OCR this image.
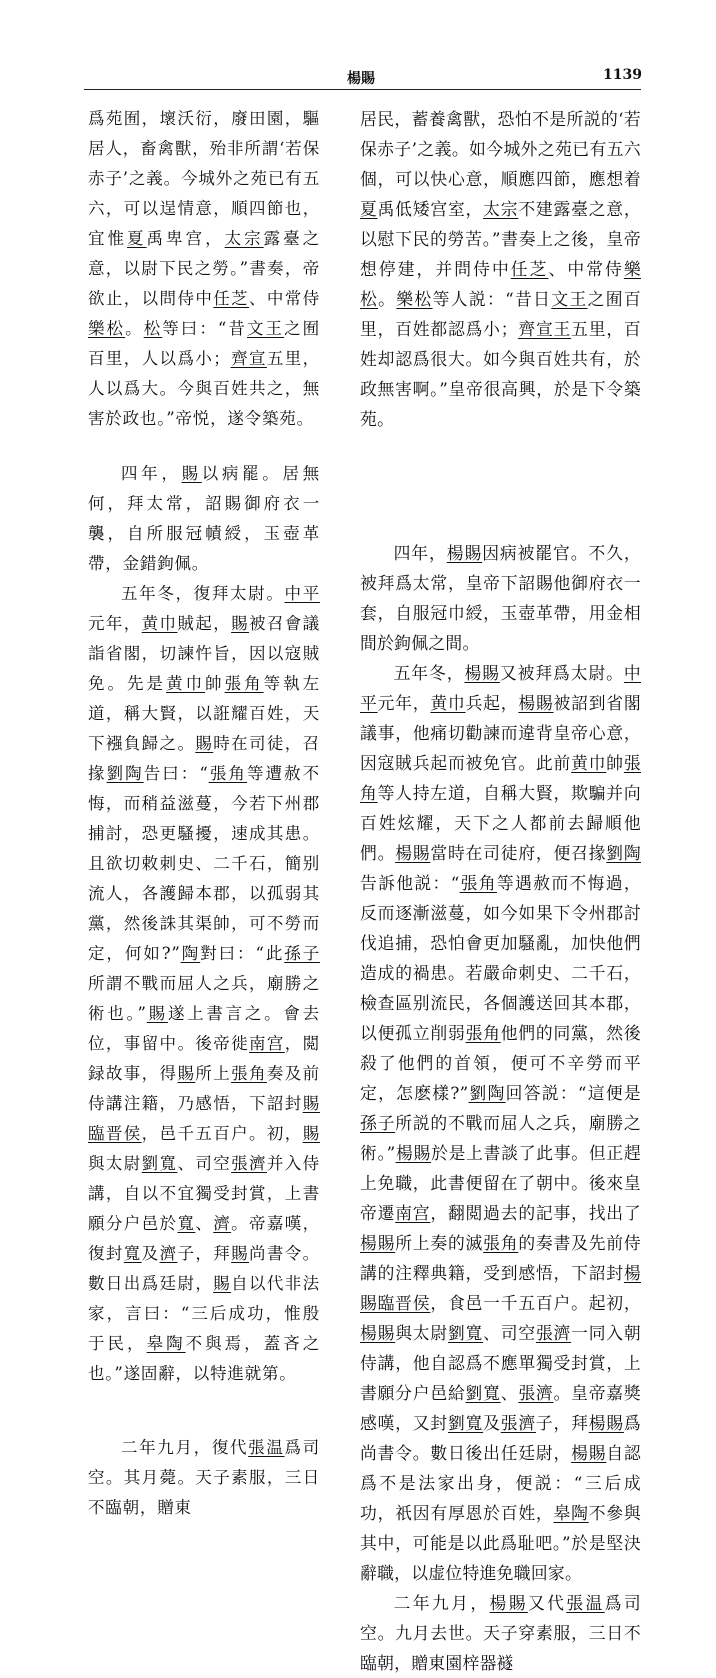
楊賜	1139

爲苑囿，壞沃衍，廢田園，驅居人，畜禽獸，殆非所謂‘若保赤子’之義。今城外之苑已有五六，可以逞情意，順四節也，宜惟夏禹卑宫，太宗露臺之意，以尉下民之勞。”書奏，帝欲止，以問侍中任芝、中常侍樂松。松等曰：“昔文王之囿百里，人以爲小；齊宣五里，人以爲大。今與百姓共之，無害於政也。”帝悦，遂令築苑。

四年，賜以病罷。居無何，拜太常，詔賜御府衣一襲，自所服冠幘綬，玉壺革帶，金錯鉤佩。

五年冬，復拜太尉。中平元年，黄巾賊起，賜被召會議詣省閣，切諫忤旨，因以寇賊免。先是黄巾帥張角等執左道，稱大賢，以誑耀百姓，天下襁負歸之。賜時在司徒，召掾劉陶告曰：“張角等遭赦不悔，而稍益滋蔓，今若下州郡捕討，恐更騷擾，速成其患。且欲切敕刺史、二千石，簡别流人，各護歸本郡，以孤弱其黨，然後誅其渠帥，可不勞而定，何如?”陶對曰：“此孫子所謂不戰而屈人之兵，廟勝之術也。”賜遂上書言之。會去位，事留中。後帝徙南宫，閲録故事，得賜所上張角奏及前侍講注籍，乃感悟，下詔封賜臨晋侯，邑千五百户。初，賜與太尉劉寬、司空張濟并入侍講，自以不宜獨受封賞，上書願分户邑於寬、濟。帝嘉嘆，復封寬及濟子，拜賜尚書令。數日出爲廷尉，賜自以代非法家，言曰：“三后成功，惟殷于民，皋陶不與焉，蓋吝之也。”遂固辭，以特進就第。

二年九月，復代張温爲司空。其月薨。天子素服，三日不臨朝，贈東

居民，蓄養禽獸，恐怕不是所説的‘若保赤子’之義。如今城外之苑已有五六個，可以快心意，順應四節，應想着夏禹低矮宫室，太宗不建露臺之意，以慰下民的勞苦。”書奏上之後，皇帝想停建，并問侍中任芝、中常侍樂松。樂松等人説：“昔日文王之囿百里，百姓都認爲小；齊宣王五里，百姓却認爲很大。如今與百姓共有，於政無害啊。”皇帝很高興，於是下令築苑。

四年，楊賜因病被罷官。不久，被拜爲太常，皇帝下詔賜他御府衣一套，自服冠巾綬，玉壺革帶，用金相間於鉤佩之間。

五年冬，楊賜又被拜爲太尉。中平元年，黄巾兵起，楊賜被詔到省閣議事，他痛切勸諫而違背皇帝心意，因寇賊兵起而被免官。此前黄巾帥張角等人持左道，自稱大賢，欺騙并向百姓炫耀，天下之人都前去歸順他們。楊賜當時在司徒府，便召掾劉陶告訴他説：“張角等遇赦而不悔過，反而逐漸滋蔓，如今如果下令州郡討伐追捕，恐怕會更加騷亂，加快他們造成的禍患。若嚴命刺史、二千石，檢查區别流民，各個護送回其本郡，以便孤立削弱張角他們的同黨，然後殺了他們的首領，便可不辛勞而平定，怎麽樣?”劉陶回答説：“這便是孫子所説的不戰而屈人之兵，廟勝之術。”楊賜於是上書談了此事。但正趕上免職，此書便留在了朝中。後來皇帝遷南宫，翻閲過去的記事，找出了楊賜所上奏的滅張角的奏書及先前侍講的注釋典籍，受到感悟，下詔封楊賜臨晋侯，食邑一千五百户。起初，楊賜與太尉劉寬、司空張濟一同入朝侍講，他自認爲不應單獨受封賞，上書願分户邑給劉寬、張濟。皇帝嘉獎感嘆，又封劉寬及張濟子，拜楊賜爲尚書令。數日後出任廷尉，楊賜自認爲不是法家出身，便説：“三后成功，祇因有厚恩於百姓，皋陶不參與其中，可能是以此爲耻吧。”於是堅決辭職，以虚位特進免職回家。

二年九月，楊賜又代張温爲司空。九月去世。天子穿素服，三日不臨朝，贈東園梓器襚
